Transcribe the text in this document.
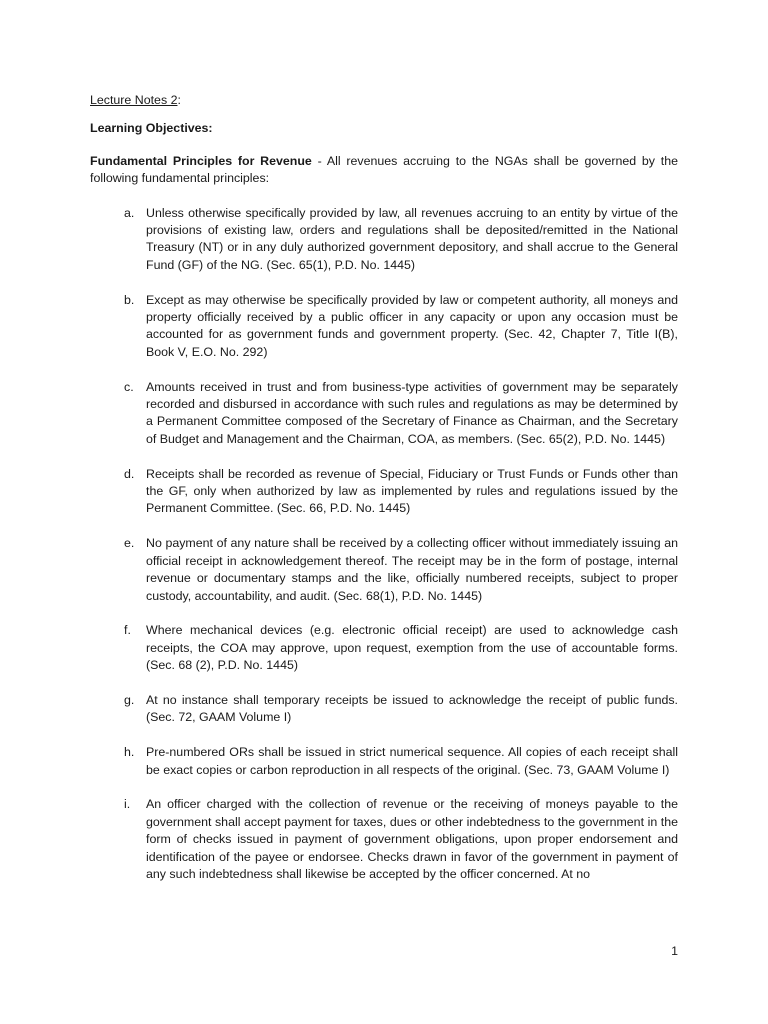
Lecture Notes 2:

Learning Objectives:

Fundamental Principles for Revenue - All revenues accruing to the NGAs shall be governed by the following fundamental principles:

a. Unless otherwise specifically provided by law, all revenues accruing to an entity by virtue of the provisions of existing law, orders and regulations shall be deposited/remitted in the National Treasury (NT) or in any duly authorized government depository, and shall accrue to the General Fund (GF) of the NG. (Sec. 65(1), P.D. No. 1445)
b. Except as may otherwise be specifically provided by law or competent authority, all moneys and property officially received by a public officer in any capacity or upon any occasion must be accounted for as government funds and government property. (Sec. 42, Chapter 7, Title I(B), Book V, E.O. No. 292)
c. Amounts received in trust and from business-type activities of government may be separately recorded and disbursed in accordance with such rules and regulations as may be determined by a Permanent Committee composed of the Secretary of Finance as Chairman, and the Secretary of Budget and Management and the Chairman, COA, as members. (Sec. 65(2), P.D. No. 1445)
d. Receipts shall be recorded as revenue of Special, Fiduciary or Trust Funds or Funds other than the GF, only when authorized by law as implemented by rules and regulations issued by the Permanent Committee. (Sec. 66, P.D. No. 1445)
e. No payment of any nature shall be received by a collecting officer without immediately issuing an official receipt in acknowledgement thereof. The receipt may be in the form of postage, internal revenue or documentary stamps and the like, officially numbered receipts, subject to proper custody, accountability, and audit. (Sec. 68(1), P.D. No. 1445)
f.	Where mechanical devices (e.g. electronic official receipt) are used to acknowledge cash receipts, the COA may approve, upon request, exemption from the use of accountable forms. (Sec. 68 (2), P.D. No. 1445)
g. At no instance shall temporary receipts be issued to acknowledge the receipt of public funds. (Sec. 72, GAAM Volume I)
h. Pre-numbered ORs shall be issued in strict numerical sequence. All copies of each receipt shall be exact copies or carbon reproduction in all respects of the original. (Sec. 73, GAAM Volume I)
i.	An officer charged with the collection of revenue or the receiving of moneys payable to the government shall accept payment for taxes, dues or other indebtedness to the government in the form of checks issued in payment of government obligations, upon proper endorsement and identification of the payee or endorsee. Checks drawn in favor of the government in payment of any such indebtedness shall likewise be accepted by the officer concerned. At no
1
